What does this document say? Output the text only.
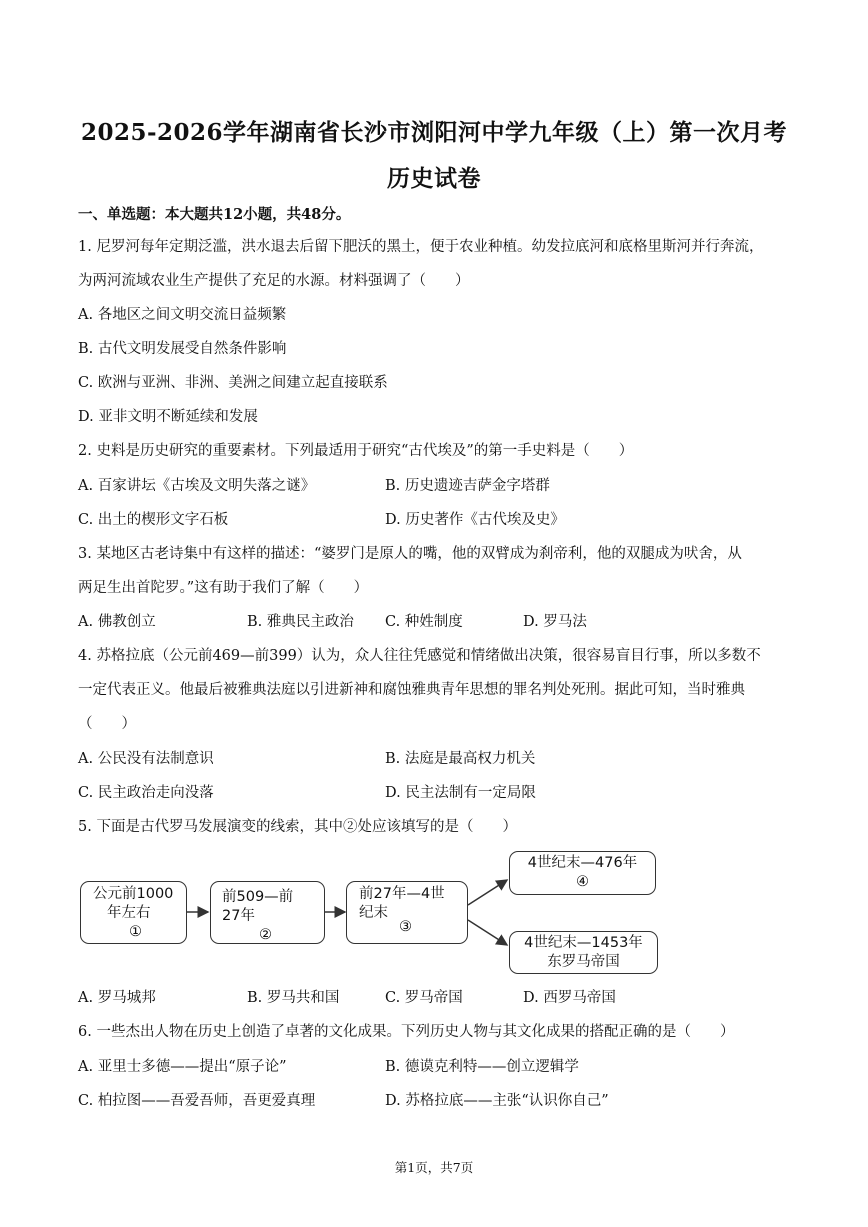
2025-2026学年湖南省长沙市浏阳河中学九年级（上）第一次月考
历史试卷
一、单选题：本大题共12小题，共48分。
1. 尼罗河每年定期泛滥，洪水退去后留下肥沃的黑土，便于农业种植。幼发拉底河和底格里斯河并行奔流，
为两河流域农业生产提供了充足的水源。材料强调了（　　）
A. 各地区之间文明交流日益频繁
B. 古代文明发展受自然条件影响
C. 欧洲与亚洲、非洲、美洲之间建立起直接联系
D. 亚非文明不断延续和发展
2. 史料是历史研究的重要素材。下列最适用于研究“古代埃及”的第一手史料是（　　）
A. 百家讲坛《古埃及文明失落之谜》	B. 历史遗迹吉萨金字塔群
C. 出土的楔形文字石板	D. 历史著作《古代埃及史》
3. 某地区古老诗集中有这样的描述：“婆罗门是原人的嘴，他的双臂成为刹帝利，他的双腿成为吠舍，从
两足生出首陀罗。”这有助于我们了解（　　）
A. 佛教创立	B. 雅典民主政治 C. 种姓制度	D. 罗马法
4. 苏格拉底（公元前469—前399）认为，众人往往凭感觉和情绪做出决策，很容易盲目行事，所以多数不
一定代表正义。他最后被雅典法庭以引进新神和腐蚀雅典青年思想的罪名判处死刑。据此可知，当时雅典
（　　）
A. 公民没有法制意识	B. 法庭是最高权力机关
C. 民主政治走向没落	D. 民主法制有一定局限
5. 下面是古代罗马发展演变的线索，其中②处应该填写的是（　　）
公元前1000
年左右
①
前509—前
27年
②
前27年—4世
纪末
③
4世纪末—476年
④
4世纪末—1453年
东罗马帝国
A. 罗马城邦	B. 罗马共和国	C. 罗马帝国	D. 西罗马帝国
6. 一些杰出人物在历史上创造了卓著的文化成果。下列历史人物与其文化成果的搭配正确的是（　　）
A. 亚里士多德——提出“原子论”	B. 德谟克利特——创立逻辑学
C. 柏拉图——吾爱吾师，吾更爱真理	D. 苏格拉底——主张“认识你自己”
第1页，共7页
